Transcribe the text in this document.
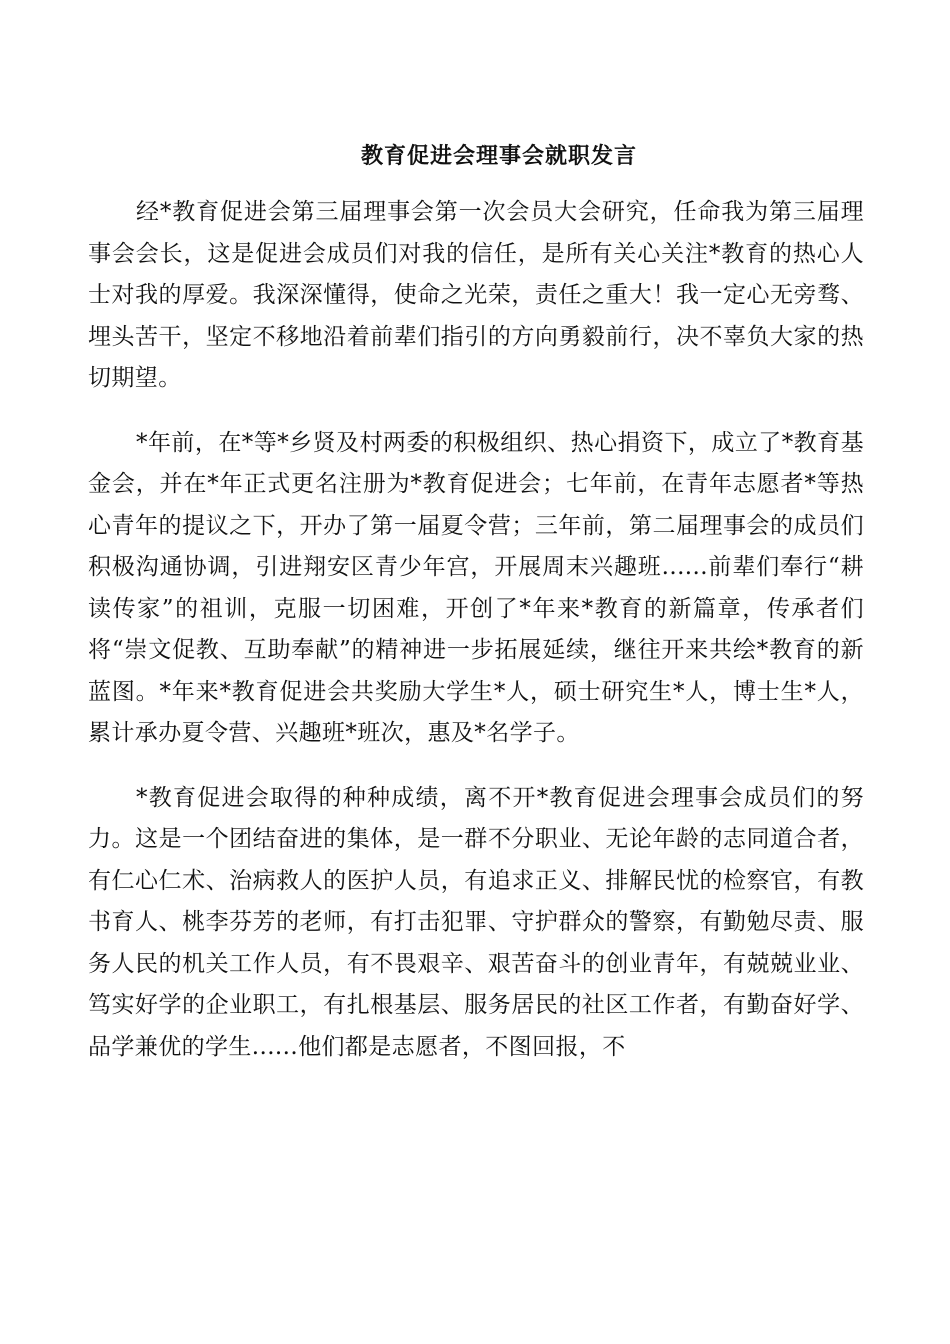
教育促进会理事会就职发言

经*教育促进会第三届理事会第一次会员大会研究，任命我为第三届理事会会长，这是促进会成员们对我的信任，是所有关心关注*教育的热心人士对我的厚爱。我深深懂得，使命之光荣，责任之重大！我一定心无旁骛、埋头苦干，坚定不移地沿着前辈们指引的方向勇毅前行，决不辜负大家的热切期望。

*年前，在*等*乡贤及村两委的积极组织、热心捐资下，成立了*教育基金会，并在*年正式更名注册为*教育促进会；七年前，在青年志愿者*等热心青年的提议之下，开办了第一届夏令营；三年前，第二届理事会的成员们积极沟通协调，引进翔安区青少年宫，开展周末兴趣班......前辈们奉行“耕读传家”的祖训，克服一切困难，开创了*年来*教育的新篇章，传承者们将“崇文促教、互助奉献”的精神进一步拓展延续，继往开来共绘*教育的新蓝图。*年来*教育促进会共奖励大学生*人，硕士研究生*人，博士生*人，累计承办夏令营、兴趣班*班次，惠及*名学子。

*教育促进会取得的种种成绩，离不开*教育促进会理事会成员们的努力。这是一个团结奋进的集体，是一群不分职业、无论年龄的志同道合者，有仁心仁术、治病救人的医护人员，有追求正义、排解民忧的检察官，有教书育人、桃李芬芳的老师，有打击犯罪、守护群众的警察，有勤勉尽责、服务人民的机关工作人员，有不畏艰辛、艰苦奋斗的创业青年，有兢兢业业、笃实好学的企业职工，有扎根基层、服务居民的社区工作者，有勤奋好学、品学兼优的学生......他们都是志愿者，不图回报，不
